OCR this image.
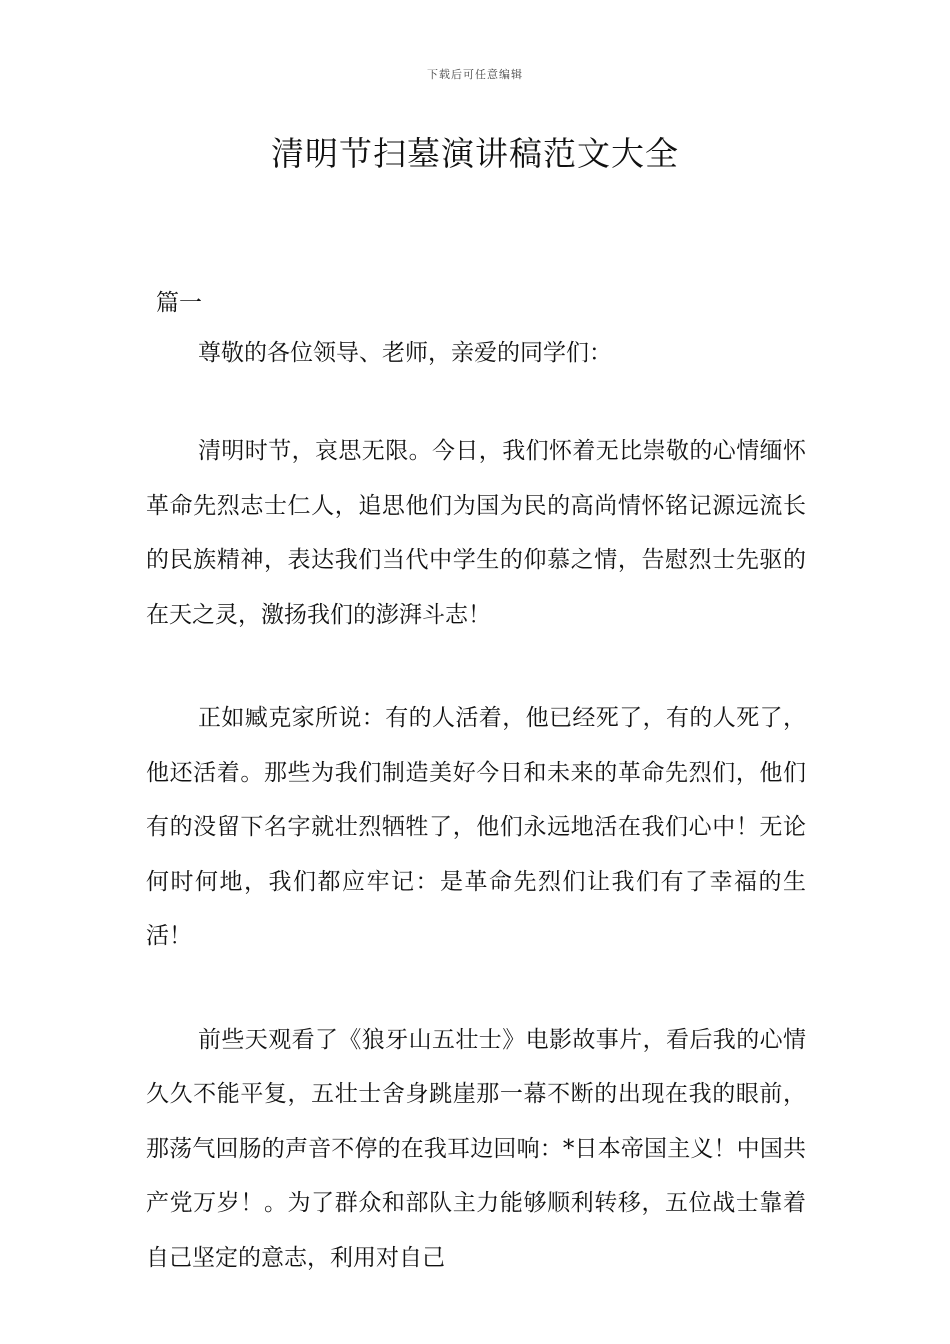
下载后可任意编辑
清明节扫墓演讲稿范文大全
篇一

尊敬的各位领导、老师，亲爱的同学们：

清明时节，哀思无限。今日，我们怀着无比崇敬的心情缅怀革命先烈志士仁人，追思他们为国为民的高尚情怀铭记源远流长的民族精神，表达我们当代中学生的仰慕之情，告慰烈士先驱的在天之灵，激扬我们的澎湃斗志！

正如臧克家所说：有的人活着，他已经死了，有的人死了，他还活着。那些为我们制造美好今日和未来的革命先烈们，他们有的没留下名字就壮烈牺牲了，他们永远地活在我们心中！无论何时何地，我们都应牢记：是革命先烈们让我们有了幸福的生活！

前些天观看了《狼牙山五壮士》电影故事片，看后我的心情久久不能平复，五壮士舍身跳崖那一幕不断的出现在我的眼前，那荡气回肠的声音不停的在我耳边回响：*日本帝国主义！中国共产党万岁！。为了群众和部队主力能够顺利转移，五位战士靠着自己坚定的意志，利用对自己
